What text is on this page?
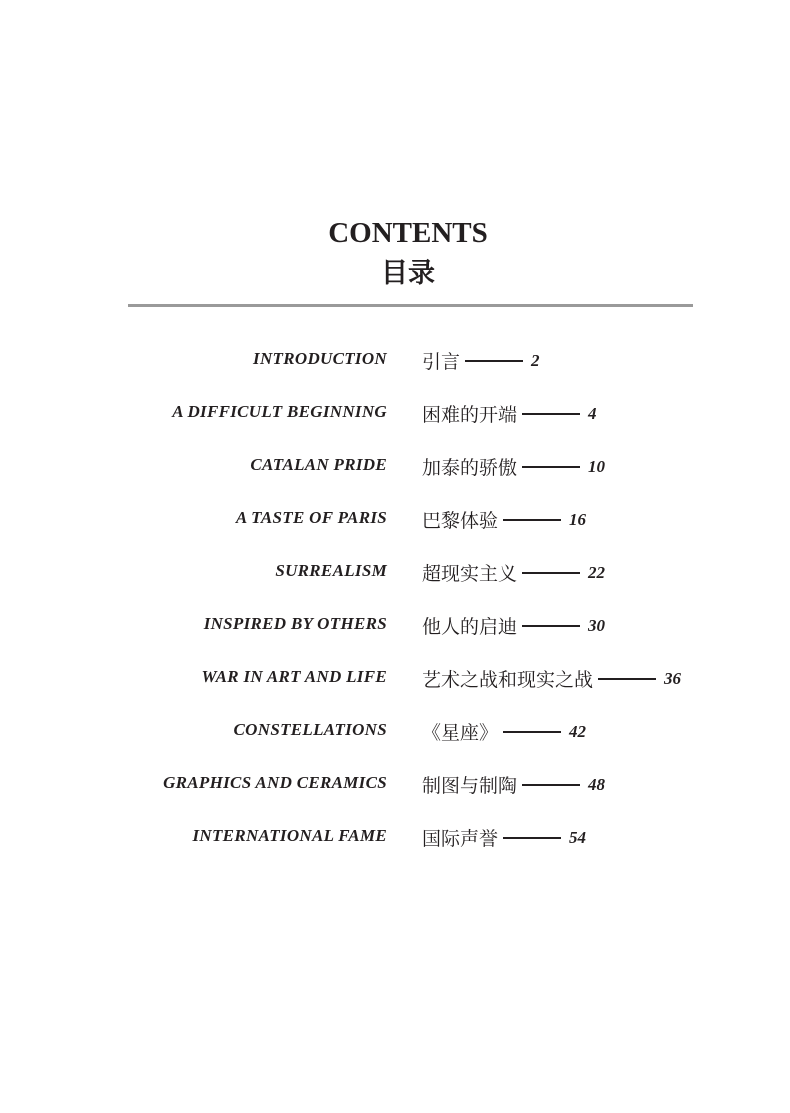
CONTENTS
目录
INTRODUCTION 引言	2
A DIFFICULT BEGINNING 困难的开端	4
CATALAN PRIDE 加泰的骄傲	10
A TASTE OF PARIS 巴黎体验	16
SURREALISM 超现实主义	22
INSPIRED BY OTHERS 他人的启迪	30
WAR IN ART AND LIFE 艺术之战和现实之战	36
CONSTELLATIONS 《星座》	42
GRAPHICS AND CERAMICS 制图与制陶	48
INTERNATIONAL FAME 国际声誉	54
